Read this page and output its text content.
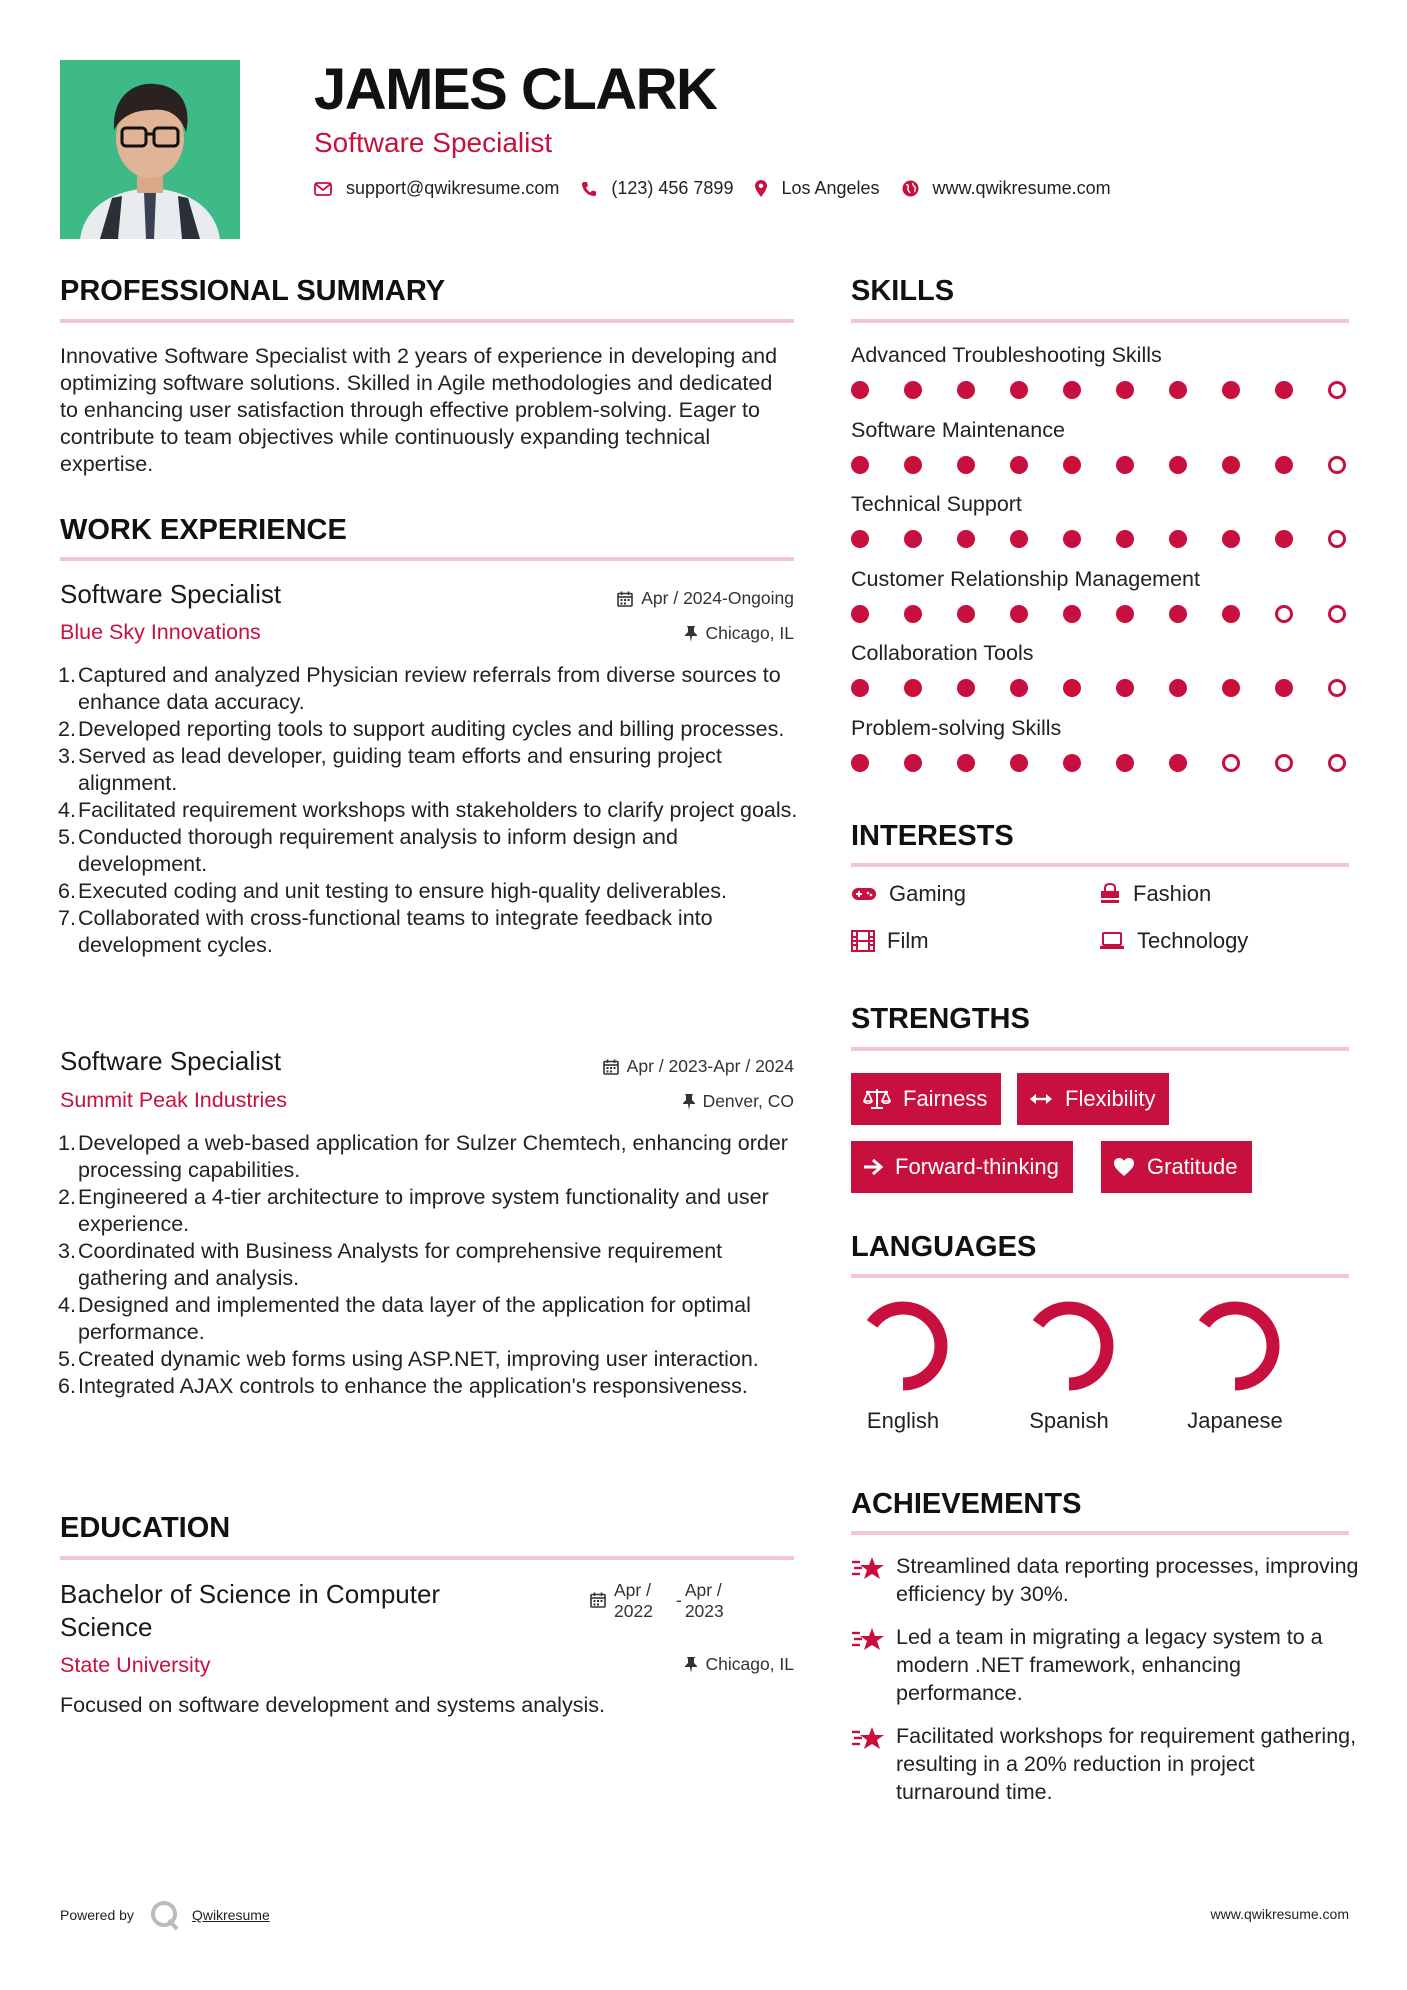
JAMES CLARK
Software Specialist
support@qwikresume.com	(123) 456 7899	Los Angeles	www.qwikresume.com
PROFESSIONAL SUMMARY
Innovative Software Specialist with 2 years of experience in developing and optimizing software solutions. Skilled in Agile methodologies and dedicated to enhancing user satisfaction through effective problem-solving. Eager to contribute to team objectives while continuously expanding technical expertise.
WORK EXPERIENCE
Software Specialist
Blue Sky Innovations
Apr / 2024-Ongoing
Chicago, IL
1 . Captured and analyzed Physician review referrals from diverse sources to enhance data accuracy.
2 . Developed reporting tools to support auditing cycles and billing processes.
3 . Served as lead developer, guiding team efforts and ensuring project alignment.
4 . Facilitated requirement workshops with stakeholders to clarify project goals.
5 . Conducted thorough requirement analysis to inform design and development.
6 . Executed coding and unit testing to ensure high-quality deliverables.
7 . Collaborated with cross-functional teams to integrate feedback into development cycles.
Software Specialist
Summit Peak Industries
Apr / 2023-Apr / 2024
Denver, CO
1 . Developed a web-based application for Sulzer Chemtech, enhancing order processing capabilities.
2 . Engineered a 4-tier architecture to improve system functionality and user experience.
3 . Coordinated with Business Analysts for comprehensive requirement gathering and analysis.
4 . Designed and implemented the data layer of the application for optimal performance.
5 . Created dynamic web forms using ASP.NET, improving user interaction.
6 . Integrated AJAX controls to enhance the application's responsiveness.
EDUCATION
Bachelor of Science in Computer Science
State University
Apr / 2022
- Apr / 2023
Chicago, IL
Focused on software development and systems analysis.
SKILLS
Advanced Troubleshooting Skills
Software Maintenance
Technical Support
Customer Relationship Management
Collaboration Tools
Problem-solving Skills
INTERESTS
Gaming	Fashion
Film	Technology
STRENGTHS
Fairness	Flexibility
Forward-thinking	Gratitude
LANGUAGES
English	Spanish	Japanese
ACHIEVEMENTS
Streamlined data reporting processes, improving efficiency by 30%.
Led a team in migrating a legacy system to a modern .NET framework, enhancing performance.
Facilitated workshops for requirement gathering, resulting in a 20% reduction in project turnaround time.
Powered by	Qwikresume	www.qwikresume.com
